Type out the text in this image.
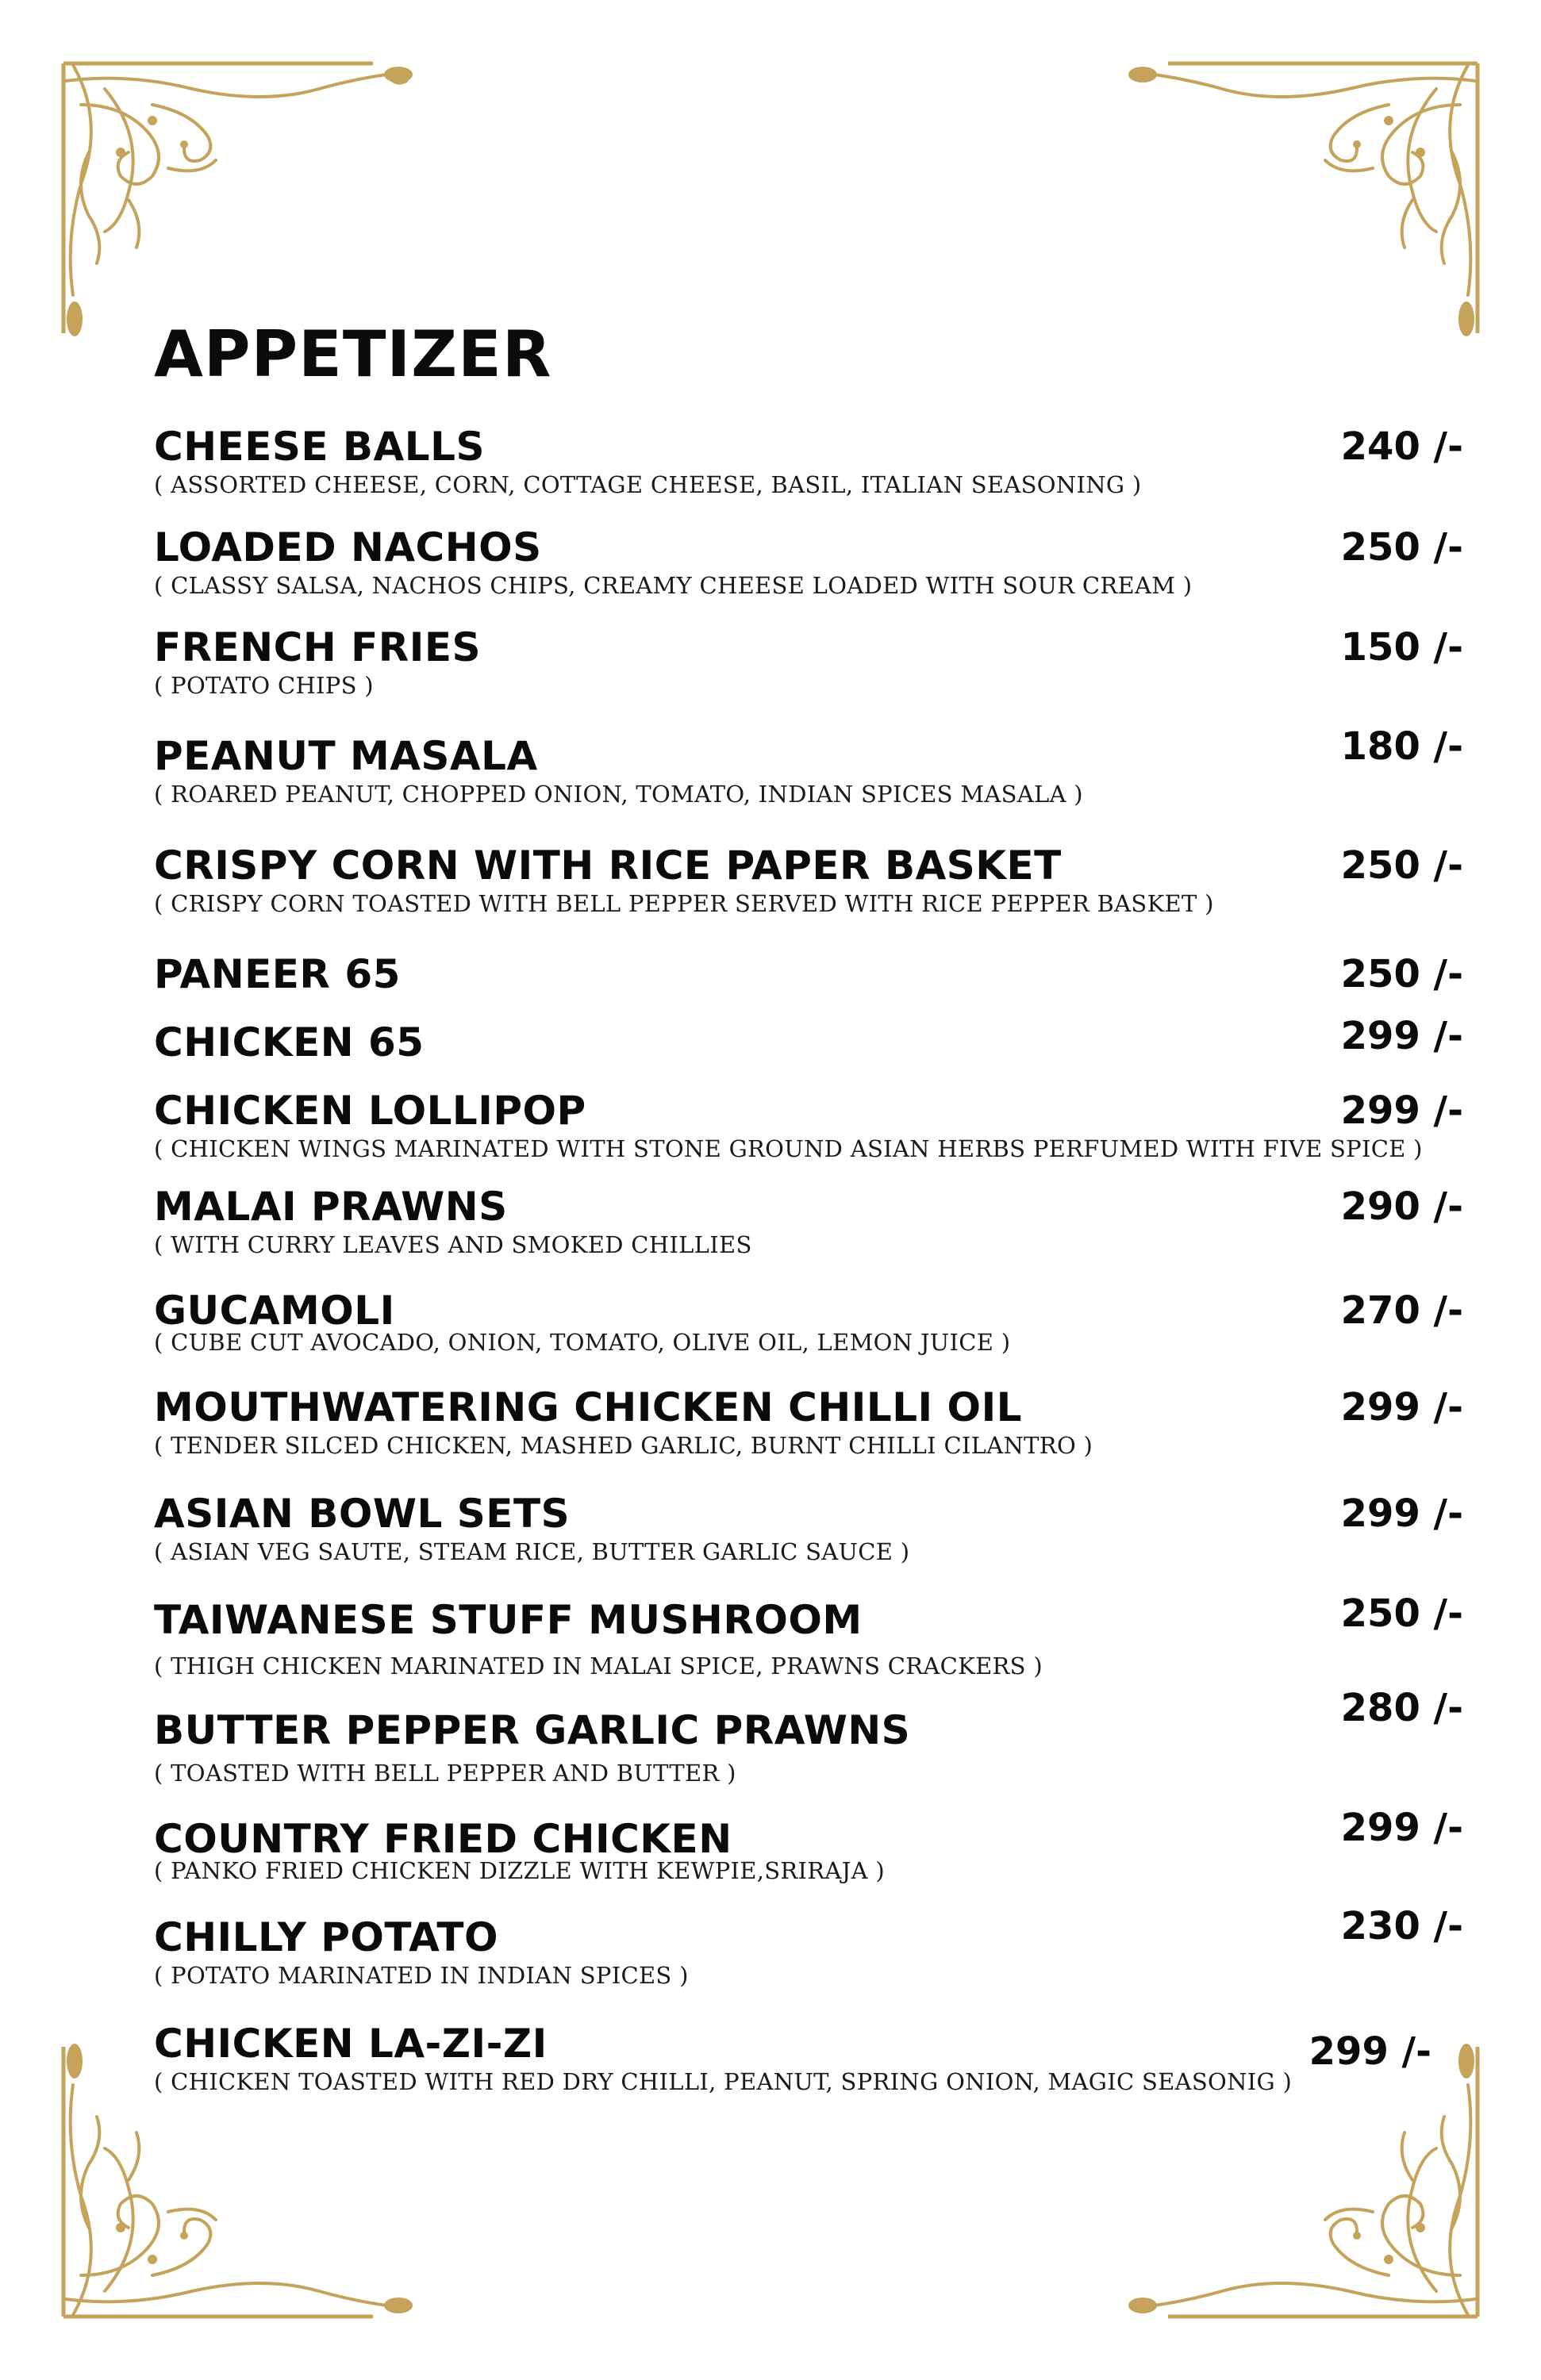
APPETIZER
CHEESE BALLS
( ASSORTED CHEESE, CORN, COTTAGE CHEESE, BASIL, ITALIAN SEASONING )
240 /-
LOADED NACHOS
( CLASSY SALSA, NACHOS CHIPS, CREAMY CHEESE LOADED WITH SOUR CREAM )
250 /-
FRENCH FRIES
( POTATO CHIPS )
150 /-
PEANUT MASALA
( ROARED PEANUT, CHOPPED ONION, TOMATO, INDIAN SPICES MASALA )
180 /-
CRISPY CORN WITH RICE PAPER BASKET
( CRISPY CORN TOASTED WITH BELL PEPPER SERVED WITH RICE PEPPER BASKET )
250 /-
PANEER 65	250 /-
CHICKEN 65	299 /-
CHICKEN LOLLIPOP
( CHICKEN WINGS MARINATED WITH STONE GROUND ASIAN HERBS PERFUMED WITH FIVE SPICE )
299 /-
MALAI PRAWNS
( WITH CURRY LEAVES AND SMOKED CHILLIES
290 /-
GUCAMOLI
( CUBE CUT AVOCADO, ONION, TOMATO, OLIVE OIL, LEMON JUICE )
270 /-
MOUTHWATERING CHICKEN CHILLI OIL
( TENDER SILCED CHICKEN, MASHED GARLIC, BURNT CHILLI CILANTRO )
299 /-
ASIAN BOWL SETS
( ASIAN VEG SAUTE, STEAM RICE, BUTTER GARLIC SAUCE )
299 /-
TAIWANESE STUFF MUSHROOM
( THIGH CHICKEN MARINATED IN MALAI SPICE, PRAWNS CRACKERS )
250 /-
BUTTER PEPPER GARLIC PRAWNS
( TOASTED WITH BELL PEPPER AND BUTTER )
280 /-
COUNTRY FRIED CHICKEN
( PANKO FRIED CHICKEN DIZZLE WITH KEWPIE,SRIRAJA )
299 /-
CHILLY POTATO
( POTATO MARINATED IN INDIAN SPICES )
230 /-
CHICKEN LA-ZI-ZI
( CHICKEN TOASTED WITH RED DRY CHILLI, PEANUT, SPRING ONION, MAGIC SEASONIG )
299 /-
